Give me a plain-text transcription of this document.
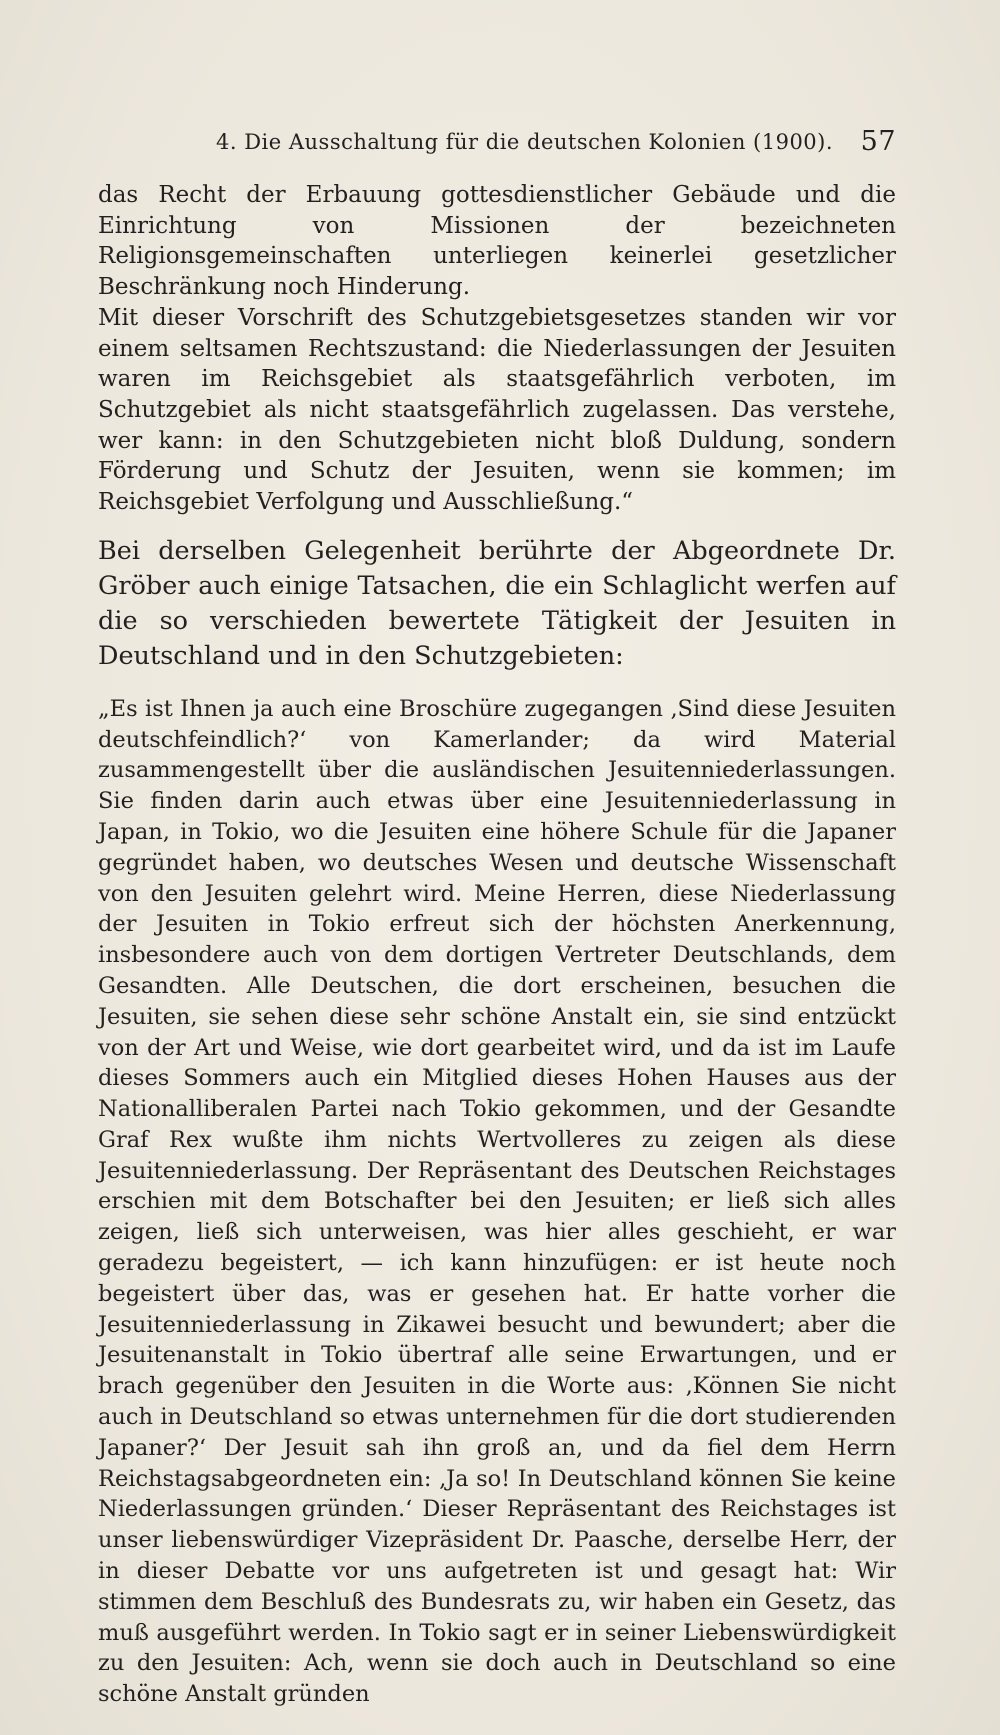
4. Die Ausschaltung für die deutschen Kolonien (1900). 57

das Recht der Erbauung gottesdienstlicher Gebäude und die Einrichtung von Missionen der bezeichneten Religionsgemeinschaften unterliegen keinerlei gesetzlicher Beschränkung noch Hinderung.

Mit dieser Vorschrift des Schutzgebietsgesetzes standen wir vor einem seltsamen Rechtszustand: die Niederlassungen der Jesuiten waren im Reichsgebiet als staatsgefährlich verboten, im Schutzgebiet als nicht staatsgefährlich zugelassen. Das verstehe, wer kann: in den Schutzgebieten nicht bloß Duldung, sondern Förderung und Schutz der Jesuiten, wenn sie kommen; im Reichsgebiet Verfolgung und Ausschließung.“

Bei derselben Gelegenheit berührte der Abgeordnete Dr. Gröber auch einige Tatsachen, die ein Schlaglicht werfen auf die so verschieden bewertete Tätigkeit der Jesuiten in Deutschland und in den Schutzgebieten:

„Es ist Ihnen ja auch eine Broschüre zugegangen ‚Sind diese Jesuiten deutschfeindlich?‘ von Kamerlander; da wird Material zusammengestellt über die ausländischen Jesuitenniederlassungen. Sie finden darin auch etwas über eine Jesuitenniederlassung in Japan, in Tokio, wo die Jesuiten eine höhere Schule für die Japaner gegründet haben, wo deutsches Wesen und deutsche Wissenschaft von den Jesuiten gelehrt wird. Meine Herren, diese Niederlassung der Jesuiten in Tokio erfreut sich der höchsten Anerkennung, insbesondere auch von dem dortigen Vertreter Deutschlands, dem Gesandten. Alle Deutschen, die dort erscheinen, besuchen die Jesuiten, sie sehen diese sehr schöne Anstalt ein, sie sind entzückt von der Art und Weise, wie dort gearbeitet wird, und da ist im Laufe dieses Sommers auch ein Mitglied dieses Hohen Hauses aus der Nationalliberalen Partei nach Tokio gekommen, und der Gesandte Graf Rex wußte ihm nichts Wertvolleres zu zeigen als diese Jesuitenniederlassung. Der Repräsentant des Deutschen Reichstages erschien mit dem Botschafter bei den Jesuiten; er ließ sich alles zeigen, ließ sich unterweisen, was hier alles geschieht, er war geradezu begeistert, — ich kann hinzufügen: er ist heute noch begeistert über das, was er gesehen hat. Er hatte vorher die Jesuitenniederlassung in Zikawei besucht und bewundert; aber die Jesuitenanstalt in Tokio übertraf alle seine Erwartungen, und er brach gegenüber den Jesuiten in die Worte aus: ‚Können Sie nicht auch in Deutschland so etwas unternehmen für die dort studierenden Japaner?‘ Der Jesuit sah ihn groß an, und da fiel dem Herrn Reichstagsabgeordneten ein: ‚Ja so! In Deutschland können Sie keine Niederlassungen gründen.‘ Dieser Repräsentant des Reichstages ist unser liebenswürdiger Vizepräsident Dr. Paasche, derselbe Herr, der in dieser Debatte vor uns aufgetreten ist und gesagt hat: Wir stimmen dem Beschluß des Bundesrats zu, wir haben ein Gesetz, das muß ausgeführt werden. In Tokio sagt er in seiner Liebenswürdigkeit zu den Jesuiten: Ach, wenn sie doch auch in Deutschland so eine schöne Anstalt gründen
